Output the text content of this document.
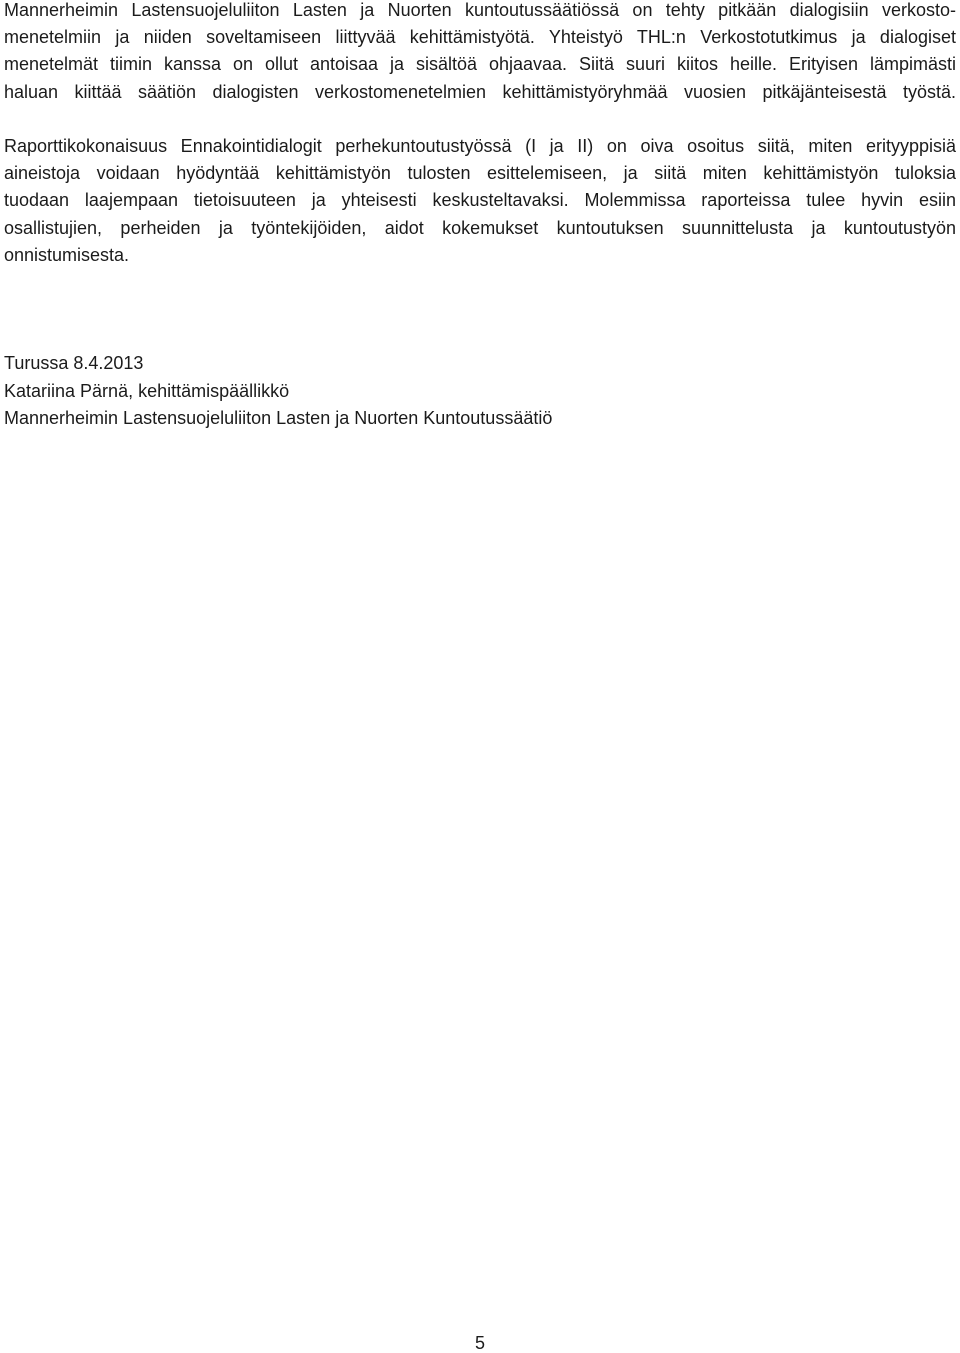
Mannerheimin Lastensuojeluliiton Lasten ja Nuorten kuntoutussäätiössä on tehty pitkään dialogisiin verkosto-
menetelmiin ja niiden soveltamiseen liittyvää kehittämistyötä. Yhteistyö THL:n Verkostotutkimus ja dialogiset
menetelmät tiimin kanssa on ollut antoisaa ja sisältöä ohjaavaa. Siitä suuri kiitos heille. Erityisen lämpimästi
haluan kiittää säätiön dialogisten verkostomenetelmien kehittämistyöryhmää vuosien pitkäjänteisestä työstä.
Raporttikokonaisuus Ennakointidialogit perhekuntoutustyössä (I ja II) on oiva osoitus siitä, miten erityyppisiä
aineistoja voidaan hyödyntää kehittämistyön tulosten esittelemiseen, ja siitä miten kehittämistyön tuloksia
tuodaan laajempaan tietoisuuteen ja yhteisesti keskusteltavaksi. Molemmissa raporteissa tulee hyvin esiin
osallistujien, perheiden ja työntekijöiden, aidot kokemukset kuntoutuksen suunnittelusta ja kuntoutustyön
onnistumisesta.
Turussa 8.4.2013
Katariina Pärnä, kehittämispäällikkö
Mannerheimin Lastensuojeluliiton Lasten ja Nuorten Kuntoutussäätiö
5
